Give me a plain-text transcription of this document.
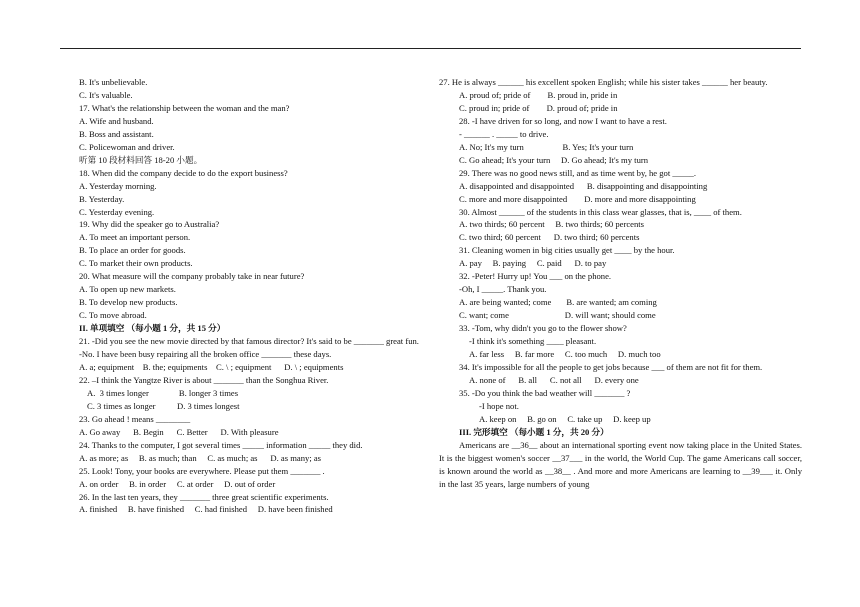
B. It's unbelievable.
C. It's valuable.
17. What's the relationship between the woman and the man?
A. Wife and husband.
B. Boss and assistant.
C. Policewoman and driver.
听第 10 段材料回答 18-20 小题。
18. When did the company decide to do the export business?
A. Yesterday morning.
B. Yesterday.
C. Yesterday evening.
19. Why did the speaker go to Australia?
A. To meet an important person.
B. To place an order for goods.
C. To market their own products.
20. What measure will the company probably take in near future?
A. To open up new markets.
B. To develop new products.
C. To move abroad.
II. 单项填空 （每小题 1 分，共 15 分）
21. -Did you see the new movie directed by that famous director? It's said to be _______ great fun.
-No. I have been busy repairing all the broken office _______ these days.
A. a; equipment    B. the; equipments    C. \ ; equipment      D. \ ; equipments
22. –I think the Yangtze River is about _______ than the Songhua River.
A.  3 times longer              B. longer 3 times
C. 3 times as longer          D. 3 times longest
23. Go ahead ! means ________
A. Go away      B. Begin      C. Better      D. With pleasure
24. Thanks to the computer, I got several times _____ information _____ they did.
A. as more; as     B. as much; than     C. as much; as      D. as many; as
25. Look! Tony, your books are everywhere. Please put them _______ .
A. on order     B. in order     C. at order     D. out of order
26. In the last ten years, they _______ three great scientific experiments.
A. finished     B. have finished     C. had finished     D. have been finished
27. He is always ______ his excellent spoken English; while his sister takes ______ her beauty.
A. proud of; pride of        B. proud in, pride in
C. proud in; pride of        D. proud of; pride in
28. -I have driven for so long, and now I want to have a rest.
- ______ . _____ to drive.
A. No; It's my turn                  B. Yes; It's your turn
C. Go ahead; It's your turn     D. Go ahead; It's my turn
29. There was no good news still, and as time went by, he got _____.
A. disappointed and disappointed      B. disappointing and disappointing
C. more and more disappointed        D. more and more disappointing
30. Almost ______ of the students in this class wear glasses, that is, ____ of them.
A. two thirds; 60 percent     B. two thirds; 60 percents
C. two third; 60 percent      D. two third; 60 percents
31. Cleaning women in big cities usually get ____ by the hour.
A. pay     B. paying     C. paid      D. to pay
32. -Peter! Hurry up! You ___ on the phone.
-Oh, I _____. Thank you.
A. are being wanted; come       B. are wanted; am coming
C. want; come                          D. will want; should come
33. -Tom, why didn't you go to the flower show?
-I think it's something ____ pleasant.
A. far less     B. far more     C. too much     D. much too
34. It's impossible for all the people to get jobs because ___ of them are not fit for them.
A. none of      B. all      C. not all      D. every one
35. -Do you think the bad weather will _______ ?
-I hope not.
A. keep on     B. go on     C. take up     D. keep up
III. 完形填空 （每小题 1 分，共 20 分）
Americans are __36__ about an international sporting event now taking place in the United States. It is the biggest women's soccer __37___ in the world, the World Cup. The game Americans call soccer, is known around the world as __38__ . And more and more Americans are learning to __39___ it. Only in the last 35 years, large numbers of young
